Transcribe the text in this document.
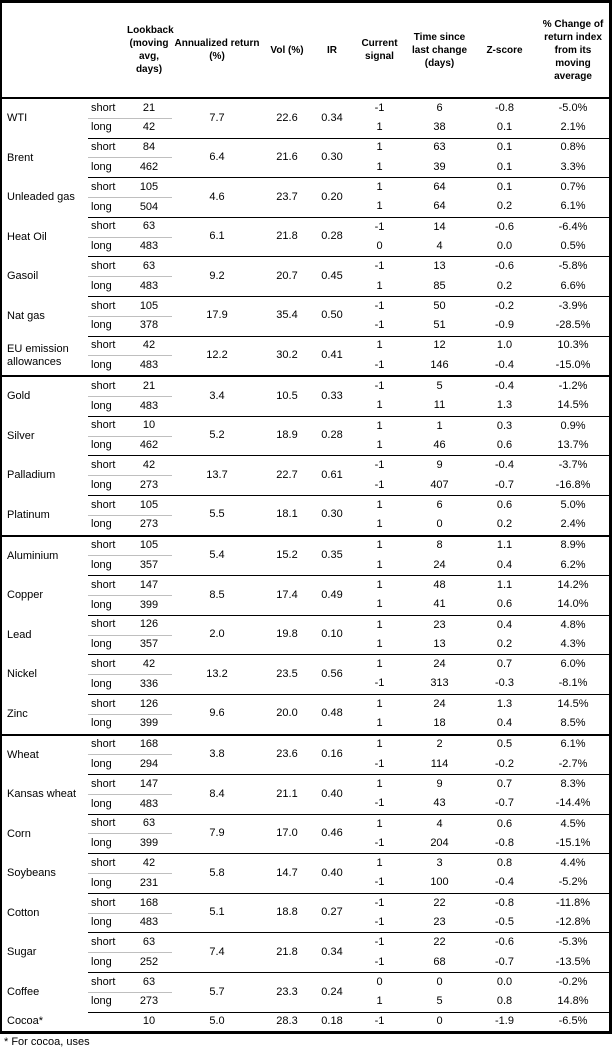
		Lookback (moving avg, days)	Annualized return (%)	Vol (%)	IR	Current signal	Time since last change (days)	Z-score	% Change of return index from its moving average
WTI	short	21	7.7	22.6	0.34	-1	6	-0.8	-5.0%
	long	42				1	38	0.1	2.1%
Brent	short	84	6.4	21.6	0.30	1	63	0.1	0.8%
	long	462				1	39	0.1	3.3%
Unleaded gas	short	105	4.6	23.7	0.20	1	64	0.1	0.7%
	long	504				1	64	0.2	6.1%
Heat Oil	short	63	6.1	21.8	0.28	-1	14	-0.6	-6.4%
	long	483				0	4	0.0	0.5%
Gasoil	short	63	9.2	20.7	0.45	-1	13	-0.6	-5.8%
	long	483				1	85	0.2	6.6%
Nat gas	short	105	17.9	35.4	0.50	-1	50	-0.2	-3.9%
	long	378				-1	51	-0.9	-28.5%
EU emission allowances	short	42	12.2	30.2	0.41	1	12	1.0	10.3%
	long	483				-1	146	-0.4	-15.0%
Gold	short	21	3.4	10.5	0.33	-1	5	-0.4	-1.2%
	long	483				1	11	1.3	14.5%
Silver	short	10	5.2	18.9	0.28	1	1	0.3	0.9%
	long	462				1	46	0.6	13.7%
Palladium	short	42	13.7	22.7	0.61	-1	9	-0.4	-3.7%
	long	273				-1	407	-0.7	-16.8%
Platinum	short	105	5.5	18.1	0.30	1	6	0.6	5.0%
	long	273				1	0	0.2	2.4%
Aluminium	short	105	5.4	15.2	0.35	1	8	1.1	8.9%
	long	357				1	24	0.4	6.2%
Copper	short	147	8.5	17.4	0.49	1	48	1.1	14.2%
	long	399				1	41	0.6	14.0%
Lead	short	126	2.0	19.8	0.10	1	23	0.4	4.8%
	long	357				1	13	0.2	4.3%
Nickel	short	42	13.2	23.5	0.56	1	24	0.7	6.0%
	long	336				-1	313	-0.3	-8.1%
Zinc	short	126	9.6	20.0	0.48	1	24	1.3	14.5%
	long	399				1	18	0.4	8.5%
Wheat	short	168	3.8	23.6	0.16	1	2	0.5	6.1%
	long	294				-1	114	-0.2	-2.7%
Kansas wheat	short	147	8.4	21.1	0.40	1	9	0.7	8.3%
	long	483				-1	43	-0.7	-14.4%
Corn	short	63	7.9	17.0	0.46	1	4	0.6	4.5%
	long	399				-1	204	-0.8	-15.1%
Soybeans	short	42	5.8	14.7	0.40	1	3	0.8	4.4%
	long	231				-1	100	-0.4	-5.2%
Cotton	short	168	5.1	18.8	0.27	-1	22	-0.8	-11.8%
	long	483				-1	23	-0.5	-12.8%
Sugar	short	63	7.4	21.8	0.34	-1	22	-0.6	-5.3%
	long	252				-1	68	-0.7	-13.5%
Coffee	short	63	5.7	23.3	0.24	0	0	0.0	-0.2%
	long	273				1	5	0.8	14.8%
Cocoa*		10	5.0	28.3	0.18	-1	0	-1.9	-6.5%
* For cocoa, uses
